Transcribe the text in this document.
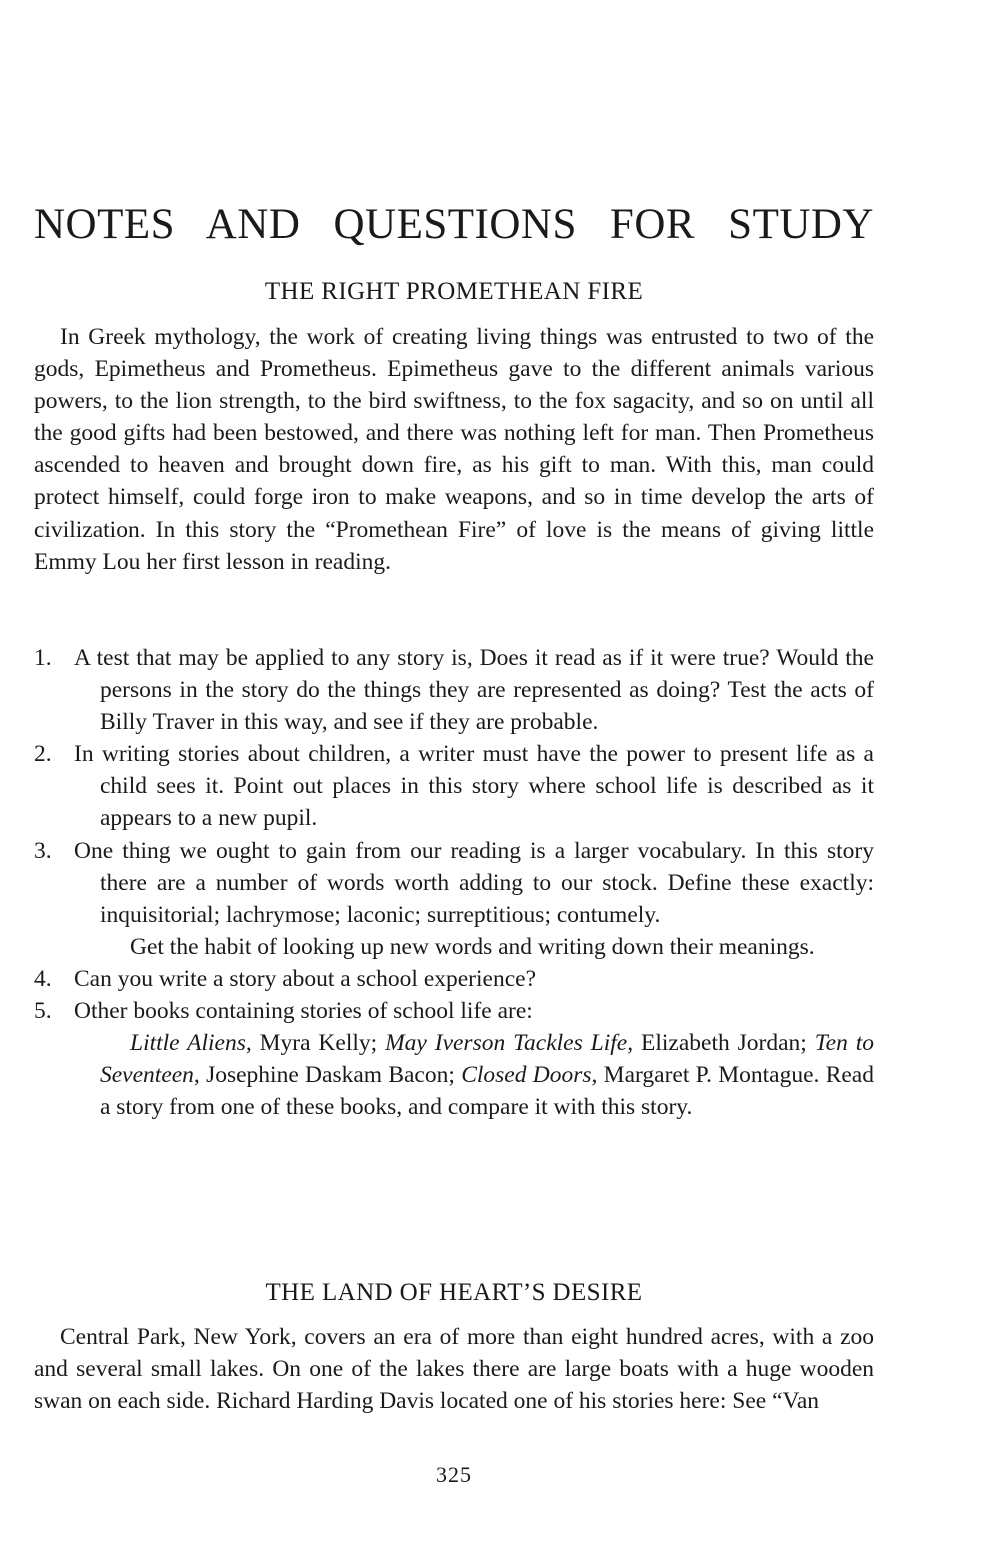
NOTES AND QUESTIONS FOR STUDY
THE RIGHT PROMETHEAN FIRE

In Greek mythology, the work of creating living things was entrusted to two of the gods, Epimetheus and Prometheus. Epimetheus gave to the different animals various powers, to the lion strength, to the bird swiftness, to the fox sagacity, and so on until all the good gifts had been bestowed, and there was nothing left for man. Then Prometheus ascended to heaven and brought down fire, as his gift to man. With this, man could protect himself, could forge iron to make weapons, and so in time develop the arts of civilization. In this story the “Promethean Fire” of love is the means of giving little Emmy Lou her first lesson in reading.

1. A test that may be applied to any story is, Does it read as if it were true? Would the persons in the story do the things they are represented as doing? Test the acts of Billy Traver in this way, and see if they are probable.
2. In writing stories about children, a writer must have the power to present life as a child sees it. Point out places in this story where school life is described as it appears to a new pupil.
3. One thing we ought to gain from our reading is a larger vocabulary. In this story there are a number of words worth adding to our stock. Define these exactly: inquisitorial; lachrymose; laconic; surreptitious; contumely.

Get the habit of looking up new words and writing down their meanings.

4. Can you write a story about a school experience?
5. Other books containing stories of school life are:

Little Aliens, Myra Kelly; May Iverson Tackles Life, Elizabeth Jordan; Ten to Seventeen, Josephine Daskam Bacon; Closed Doors, Margaret P. Montague. Read a story from one of these books, and compare it with this story.

THE LAND OF HEART’S DESIRE

Central Park, New York, covers an era of more than eight hundred acres, with a zoo and several small lakes. On one of the lakes there are large boats with a huge wooden swan on each side. Richard Harding Davis located one of his stories here: See “Van

325
